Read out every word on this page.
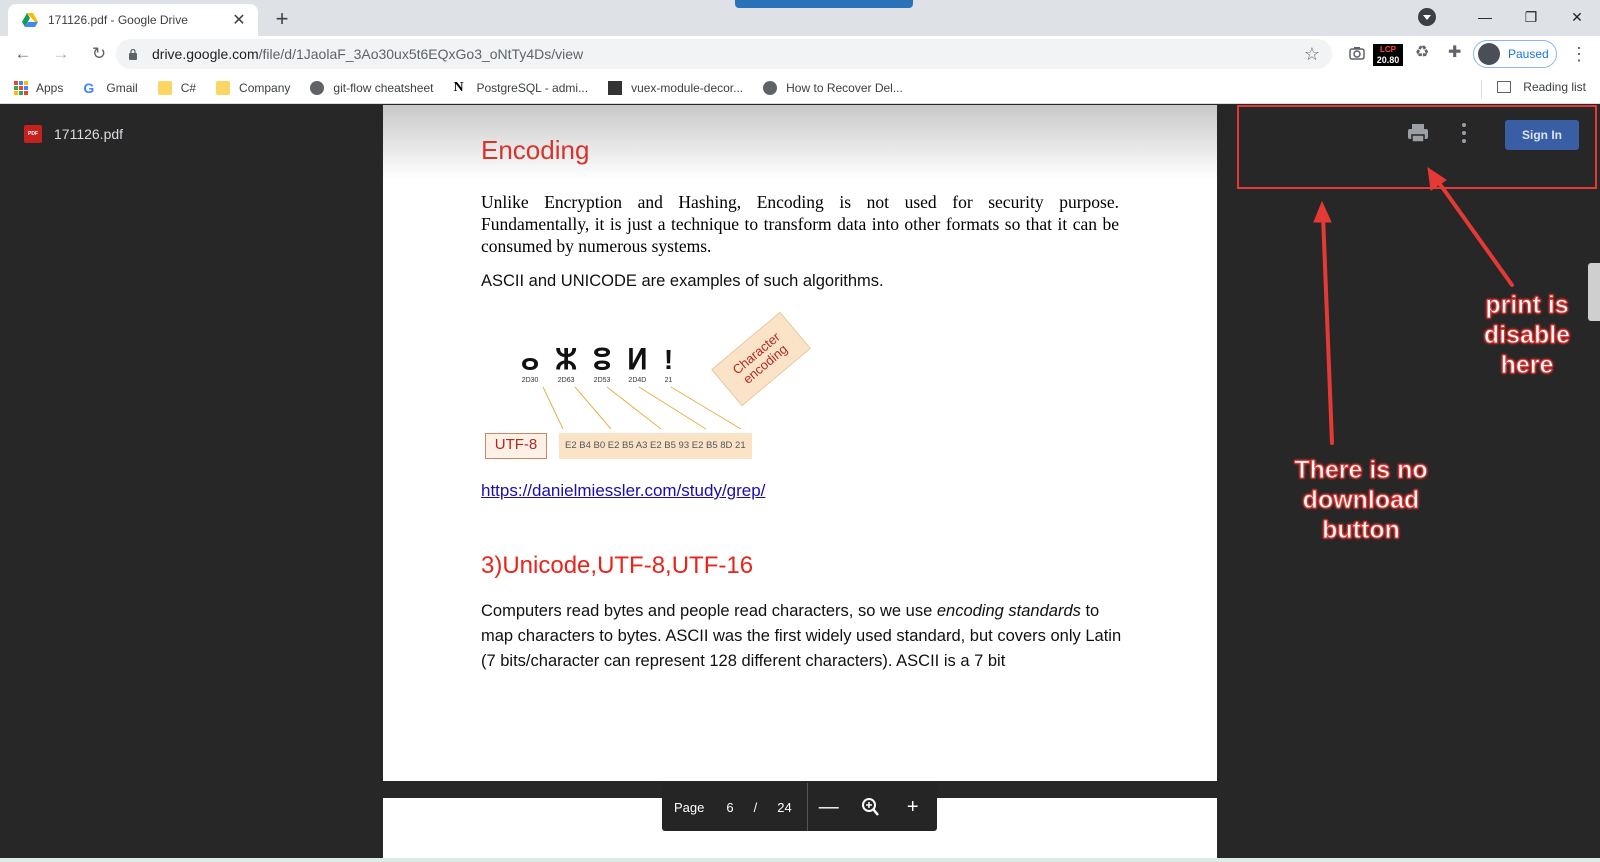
171126.pdf - Google Drive	✕ +	—	❐	✕
←	→	↻	drive.google.com/file/d/1JaolaF_3Ao30ux5t6EQxGo3_oNtTy4Ds/view	☆	LCP
20.80 ♻ ✚	Paused ⋮
Apps G Gmail	C#	Company	git-flow cheatsheet N	PostgreSQL - admi...	vuex-module-decor...	How to Recover Del...	Reading list
PDF 171126.pdf
Encoding
Unlike Encryption and Hashing, Encoding is not used for security purpose. Fundamentally, it is just a technique to transform data into other formats so that it can be consumed by numerous systems.
ASCII and UNICODE are examples of such algorithms.
ⴰ
2D30
ⵣ
2D63
ⵓ
2D53
ⵍ
2D4D
!
21
Character encoding
UTF-8	E2 B4 B0 E2 B5 A3 E2 B5 93 E2 B5 8D 21
https://danielmiessler.com/study/grep/
3)Unicode,UTF-8,UTF-16
Computers read bytes and people read characters, so we use encoding standards to map characters to bytes. ASCII was the first widely used standard, but covers only Latin (7 bits/character can represent 128 different characters). ASCII is a 7 bit
Sign In
Page 6 / 24	—	+
print is disable here
There is no download button
